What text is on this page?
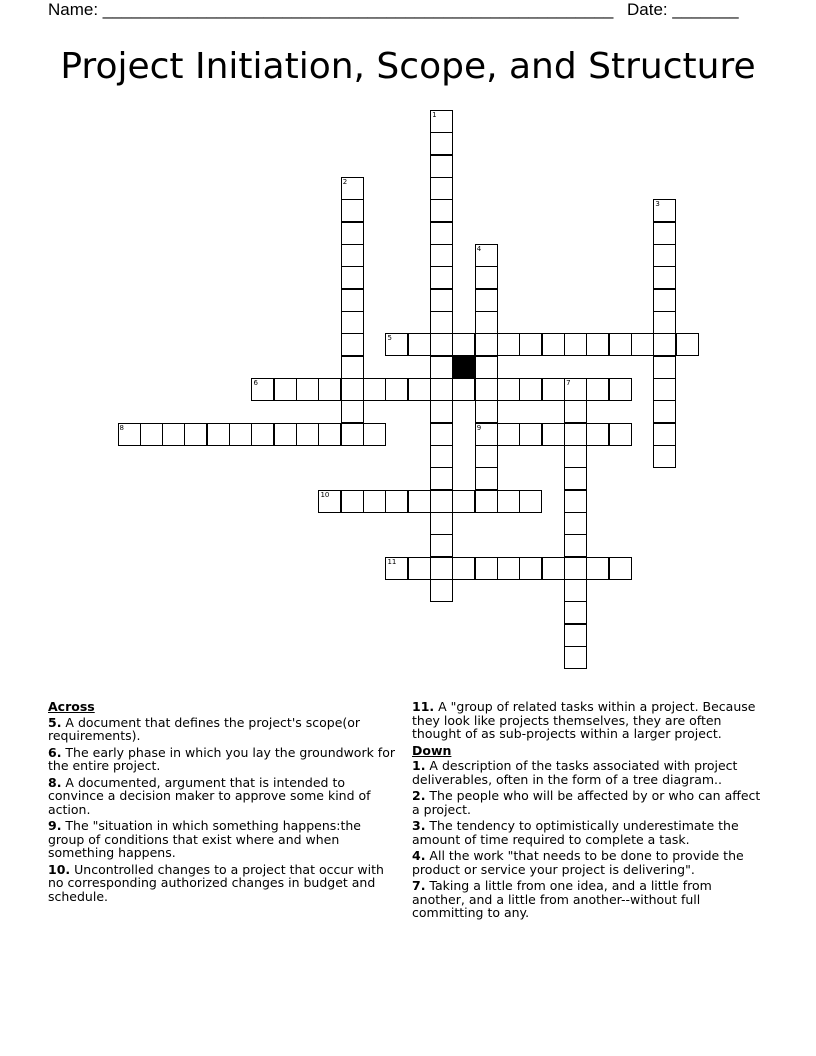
Name: ______________________________________________________ Date: _______
Project Initiation, Scope, and Structure
1
2
3
4
9
5
6	7
8
10
11
Across
5. A document that defines the project's scope(or requirements).
6. The early phase in which you lay the groundwork for the entire project.
8. A documented, argument that is intended to convince a decision maker to approve some kind of action.
9. The "situation in which something happens:the group of conditions that exist where and when something happens.
10. Uncontrolled changes to a project that occur with no corresponding authorized changes in budget and schedule.
11. A "group of related tasks within a project. Because they look like projects themselves, they are often thought of as sub-projects within a larger project.
Down
1. A description of the tasks associated with project deliverables, often in the form of a tree diagram..
2. The people who will be affected by or who can affect a project.
3. The tendency to optimistically underestimate the amount of time required to complete a task.
4. All the work "that needs to be done to provide the product or service your project is delivering".
7. Taking a little from one idea, and a little from another, and a little from another--without full committing to any.
